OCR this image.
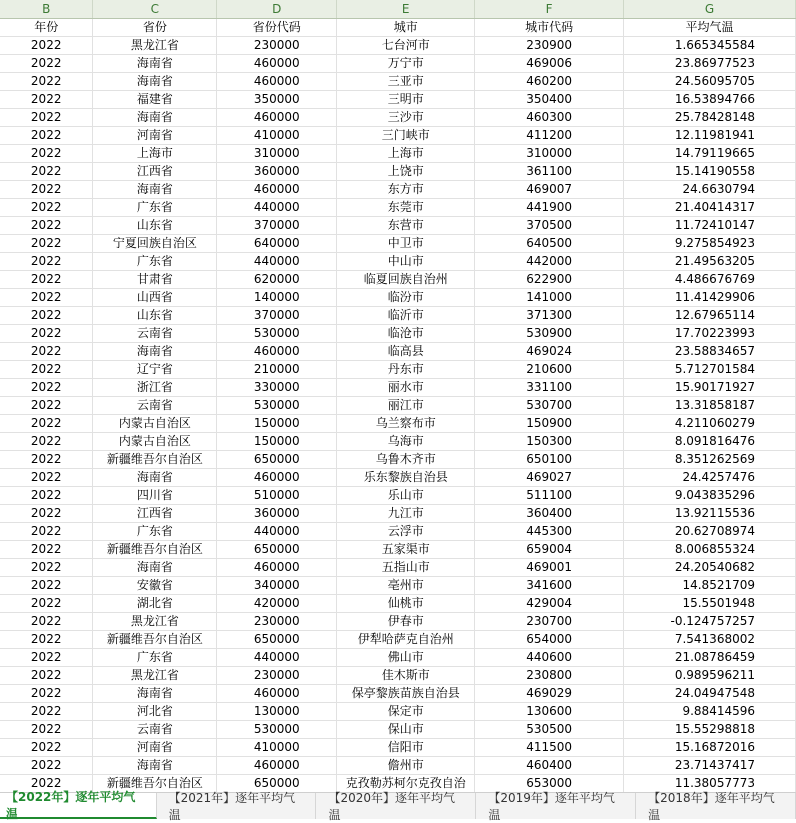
B	C	D	E	F	G
年份	省份	省份代码	城市	城市代码	平均气温
2022	黑龙江省	230000	七台河市	230900	1.665345584
2022	海南省	460000	万宁市	469006	23.86977523
2022	海南省	460000	三亚市	460200	24.56095705
2022	福建省	350000	三明市	350400	16.53894766
2022	海南省	460000	三沙市	460300	25.78428148
2022	河南省	410000	三门峡市	411200	12.11981941
2022	上海市	310000	上海市	310000	14.79119665
2022	江西省	360000	上饶市	361100	15.14190558
2022	海南省	460000	东方市	469007	24.6630794
2022	广东省	440000	东莞市	441900	21.40414317
2022	山东省	370000	东营市	370500	11.72410147
2022	宁夏回族自治区	640000	中卫市	640500	9.275854923
2022	广东省	440000	中山市	442000	21.49563205
2022	甘肃省	620000	临夏回族自治州	622900	4.486676769
2022	山西省	140000	临汾市	141000	11.41429906
2022	山东省	370000	临沂市	371300	12.67965114
2022	云南省	530000	临沧市	530900	17.70223993
2022	海南省	460000	临高县	469024	23.58834657
2022	辽宁省	210000	丹东市	210600	5.712701584
2022	浙江省	330000	丽水市	331100	15.90171927
2022	云南省	530000	丽江市	530700	13.31858187
2022	内蒙古自治区	150000	乌兰察布市	150900	4.211060279
2022	内蒙古自治区	150000	乌海市	150300	8.091816476
2022	新疆维吾尔自治区	650000	乌鲁木齐市	650100	8.351262569
2022	海南省	460000	乐东黎族自治县	469027	24.4257476
2022	四川省	510000	乐山市	511100	9.043835296
2022	江西省	360000	九江市	360400	13.92115536
2022	广东省	440000	云浮市	445300	20.62708974
2022	新疆维吾尔自治区	650000	五家渠市	659004	8.006855324
2022	海南省	460000	五指山市	469001	24.20540682
2022	安徽省	340000	亳州市	341600	14.8521709
2022	湖北省	420000	仙桃市	429004	15.5501948
2022	黑龙江省	230000	伊春市	230700	-0.124757257
2022	新疆维吾尔自治区	650000	伊犁哈萨克自治州	654000	7.541368002
2022	广东省	440000	佛山市	440600	21.08786459
2022	黑龙江省	230000	佳木斯市	230800	0.989596211
2022	海南省	460000	保亭黎族苗族自治县	469029	24.04947548
2022	河北省	130000	保定市	130600	9.88414596
2022	云南省	530000	保山市	530500	15.55298818
2022	河南省	410000	信阳市	411500	15.16872016
2022	海南省	460000	儋州市	460400	23.71437417
2022	新疆维吾尔自治区	650000	克孜勒苏柯尔克孜自治	653000	11.38057773
【2022年】逐年平均气温
【2021年】逐年平均气温
【2020年】逐年平均气温
【2019年】逐年平均气温
【2018年】逐年平均气温
